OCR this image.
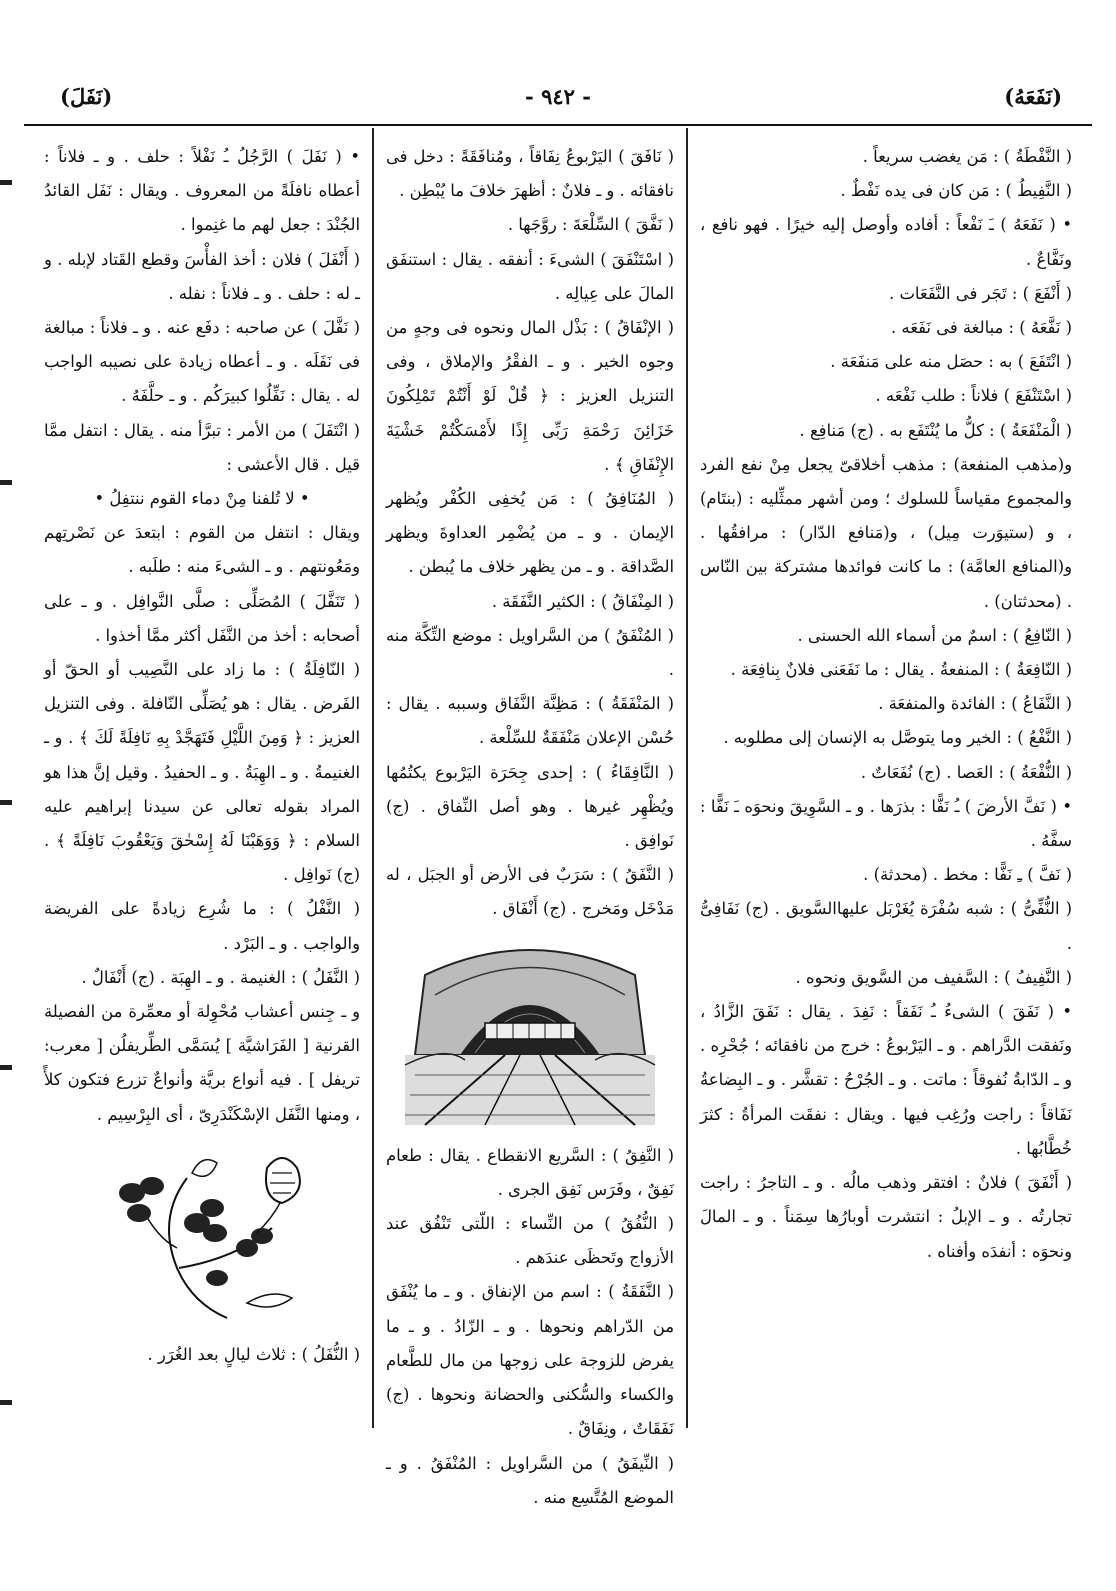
(نَفَعَهُ)
- ٩٤٢ -
(نَفَلَ)

( النَّفْطَةُ ) : مَن يغضب سريعاً .

( النَّفِيطُ ) : مَن كان فى يده نَفْطٌ .

• ( نَفَعَهُ ) ـَ نَفْعاً : أفاده وأوصل إليه خيرًا . فهو نافع ، ونَفَّاعٌ .

( أَنْفَعَ ) : تَجَر فى النَّفَعَات .

( نَفَّعَهُ ) : مبالغة فى نَفَعَه .

( انْتَفَعَ ) به : حصَل منه على مَنفَعَة .

( اسْتَنْفَعَ ) فلاناً : طلب نَفْعَه .

( الْمَنْفَعَةُ ) : كلُّ ما يُنْتَفَع به . (ج) مَنافِع .

و(مذهب المنفعة) : مذهب أخلاقىّ يجعل مِنْ نفع الفرد والمجموع مقياساً للسلوك ؛ ومن أشهر ممثِّليه : (بنتَام) ، و (ستيوَرت مِيل) ، و(مَنافع الدّار) : مرافقُها . و(المنافع العامَّة) : ما كانت فوائدها مشتركة بين النّاس . (محدثتان) .

( النّافِعُ ) : اسمٌ من أسماء الله الحسنى .

( النّافِعَةُ ) : المنفعةُ . يقال : ما نَفَعَنى فلانٌ بِنافِعَة .

( النَّفَاعُ ) : الفائدة والمنفعَة .

( النَّفْعُ ) : الخير وما يتوصَّل به الإنسان إلى مطلوبه .

( النُّفْعَةُ ) : العَصا . (ج) نُفَعَاتٌ .

• ( نَفَّ الأرضَ ) ـُ نَفًّا : بذرَها . و ـ السَّوِيقَ ونحوَه ـَ نَفًّا : سفَّهُ .

( نَفَّ ) ـِ نَفًّا : مخط . (محدثة) .

( النُّفِّىُّ ) : شبه سُفْرَة يُغَرْبَل عليهاالسَّويق . (ج) نَفَافِىُّ .

( النَّفِيفُ ) : السَّفيف من السَّويق ونحوه .

• ( نَفَقَ ) الشىءُ ـُ نَفَقاً : نَفِدَ . يقال : نَفَقَ الزَّادُ ، ونَفقت الدَّراهم . و ـ اليَرْبوعُ : خرج من نافقائه ؛ جُحْرِه . و ـ الدّابةُ نُفوقاً : ماتت . و ـ الجُرْحُ : تقشَّر . و ـ البِضاعةُ نَفَاقاً : راجت ورُغِب فيها . ويقال : نفقَت المرأةُ : كثرَ خُطَّابُها .

( أَنْفَقَ ) فلانٌ : افتقر وذهب مالُه . و ـ التاجرُ : راجت تجارتُه . و ـ الإبلُ : انتشرت أوبارُها سِمَناً . و ـ المالَ ونحوَه : أنفدَه وأفناه .

( نَافَقَ ) اليَرْبوعُ نِفَاقاً ، ومُنافَقَةً : دخل فى نافقائه . و ـ فلانٌ : أظهرَ خلافَ ما يُبْطِن .

( نَفَّقَ ) السِّلْعَةَ : روَّجَها .

( اسْتَنْفَقَ ) الشىءَ : أنفقه . يقال : استنفَق المالَ على عِيالِه .

( الإنْفَاقُ ) : بَذْل المال ونحوه فى وجهٍ من وجوه الخير . و ـ الفقْرُ والإملاق ، وفى التنزيل العزيز : ﴿ قُلْ لَوْ أَنْتُمْ تَمْلِكُونَ خَزَائِنَ رَحْمَةِ رَبِّى إِذًا لأَمْسَكْتُمْ خَشْيَةَ الإِنْفَاقِ ﴾ .

( المُنَافِقُ ) : مَن يُخفِى الكُفْر ويُظهر الإيمان . و ـ من يُضْمِر العداوةَ ويظهر الصَّداقة . و ـ من يظهر خلاف ما يُبطن .

( المِنْفَاقُ ) : الكثير النَّفَقَة .

( المُنْفَقُ ) من السَّراويل : موضع التِّكَّة منه .

( المَنْفَقَةُ ) : مَظِنَّة النَّفَاق وسببه . يقال : حُسْن الإعلان مَنْفَقَةٌ للسِّلْعة .

( النَّافِقَاءُ ) : إحدى جِحَرَة اليَرْبوع يكتُمُها ويُظْهِر غيرها . وهو أصل النِّفاق . (ج) نَوافِق .

( النَّفَقُ ) : سَرَبٌ فى الأرض أو الجبَل ، له مَدْخَل ومَخرج . (ج) أَنْفَاق .

( النَّفِقُ ) : السَّريع الانقطاع . يقال : طعام نَفِقٌ ، وفَرَس نَفِق الجرى .

( النُّفُقُ ) من النِّساء : اللّتى تَنْفُق عند الأزواج وتَحظَى عندَهم .

( النَّفَقَةُ ) : اسم من الإنفاق . و ـ ما يُنْفَق من الدّراهم ونحوها . و ـ الزّادُ . و ـ ما يفرض للزوجة على زوجها من مال للطَّعام والكساء والسُّكنى والحضانة ونحوها . (ج) نَفَقَاتٌ ، ونِفَاقٌ .

( النِّيفَقُ ) من السَّراويل : المُنْفَقُ . و ـ الموضع المُتَّسِع منه .

• ( نَفَلَ ) الرَّجُلُ ـُ نَفْلاً : حلف . و ـ فلاناً : أعطاه نافلَةً من المعروف . ويقال : نَفَل القائدُ الجُنْدَ : جعل لهم ما غنِموا .

( أَنْفَلَ ) فلان : أخذ الفأْسَ وقطع القَتاد لإبله . و ـ له : حلف . و ـ فلاناً : نفله .

( نَفَّلَ ) عن صاحبه : دفَع عنه . و ـ فلاناً : مبالغة فى نَفَلَه . و ـ أعطاه زيادة على نصيبه الواجب له . يقال : نَفِّلُوا كبيرَكُم . و ـ حلَّفَهُ .

( انْتَفَلَ ) من الأمر : تبرَّأ منه . يقال : انتفل ممَّا قيل . قال الأعشى :

• لا تُلفنا مِنْ دماء القوم ننتفِلُ •

ويقال : انتفل من القوم : ابتعدَ عن نَصْرتِهم ومَعُونتهم . و ـ الشىءَ منه : طلَبه .

( تَنَفَّلَ ) المُصَلِّى : صلَّى النَّوافِل . و ـ على أصحابه : أخذ من النَّفَل أكثر ممَّا أخذوا .

( النّافِلَةُ ) : ما زاد على النَّصِيب أو الحقّ أو الفَرض . يقال : هو يُصَلِّى النّافلة . وفى التنزيل العزيز : ﴿ وَمِنَ اللَّيْلِ فَتَهَجَّدْ بِهِ نَافِلَةً لَكَ ﴾ . و ـ الغنيمةُ . و ـ الهِبَةُ . و ـ الحفيدُ . وقيل إنَّ هذا هو المراد بقوله تعالى عن سيدنا إبراهيم عليه السلام : ﴿ وَوَهَبْنَا لَهُ إِسْحٰقَ وَيَعْقُوبَ نَافِلَةً ﴾ . (ج) نَوافِل .

( النَّفْلُ ) : ما شُرِع زيادةً على الفريضة والواجب . و ـ البَرْد .

( النَّفَلُ ) : الغنيمة . و ـ الهِبَة . (ج) أَنْفَالٌ .

و ـ جِنس أعشاب مُحْوِلة أو معمِّرة من الفصيلة القرنية [ الفَرَاشيَّة ] يُسَمَّى الطِّريفلُن [ معرب: تريفل ] . فيه أنواع بريَّة وأنواعٌ تزرع فتكون كلأً ، ومنها النَّفَل الإسْكَنْدَرِىّ ، أى البِرْسِيم .

( النُّفَلُ ) : ثلاث ليالٍ بعد الغُرَر .
